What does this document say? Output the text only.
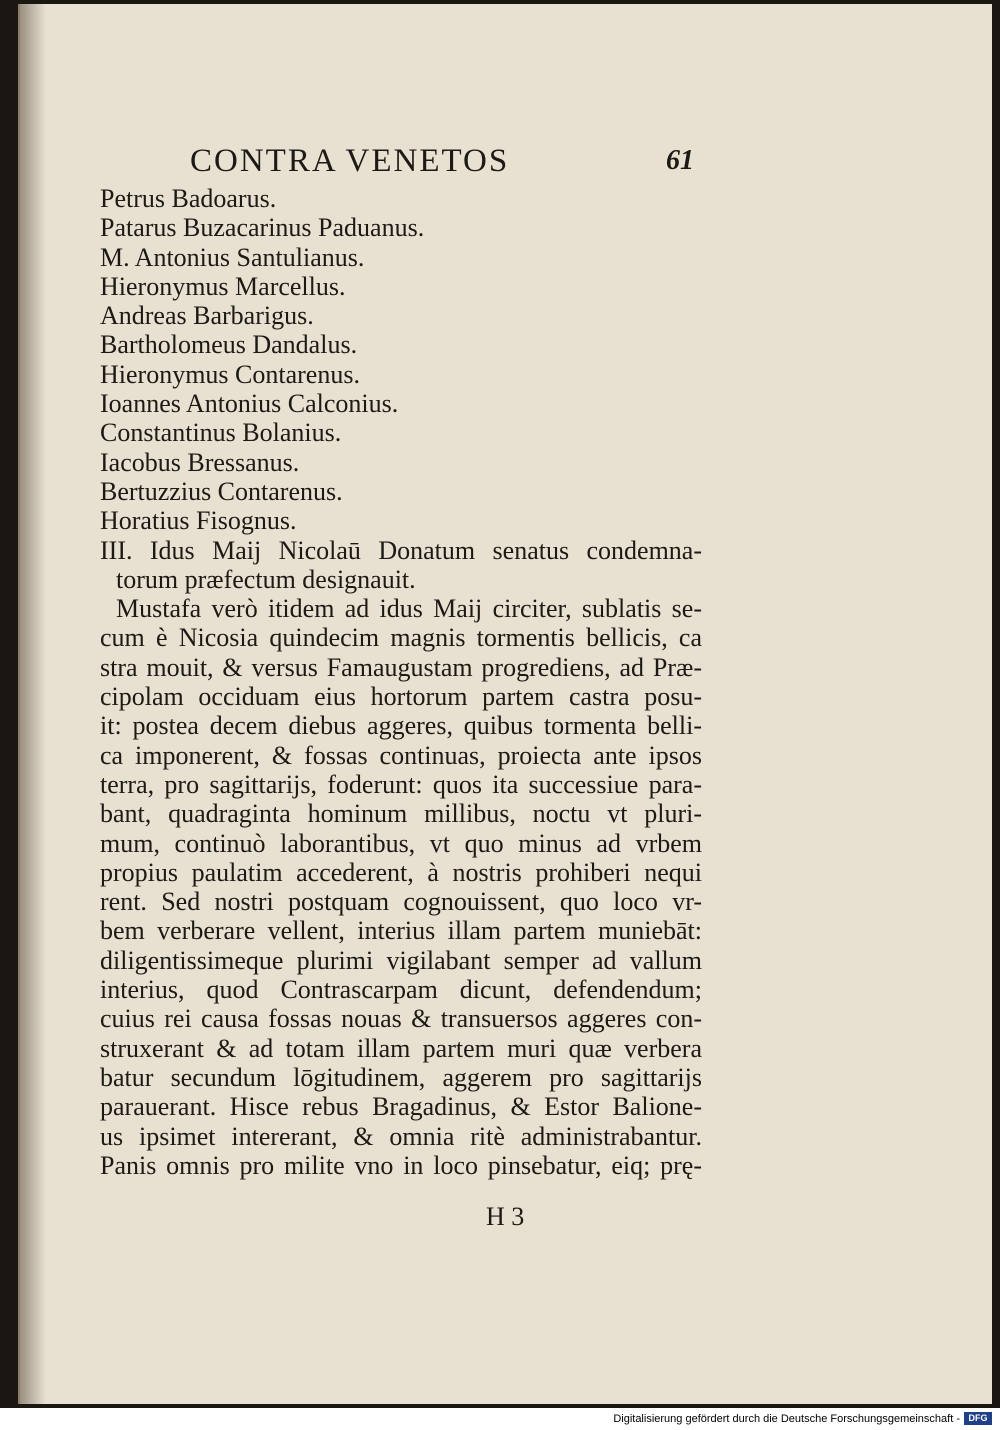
CONTRA VENETOS	61
Petrus Badoarus.
Patarus Buzacarinus Paduanus.
M. Antonius Santulianus.
Hieronymus Marcellus.
Andreas Barbarigus.
Bartholomeus Dandalus.
Hieronymus Contarenus.
Ioannes Antonius Calconius.
Constantinus Bolanius.
Iacobus Bressanus.
Bertuzzius Contarenus.
Horatius Fisognus.
III. Idus Maij Nicolaū Donatum senatus condemna-
torum præfectum designauit.
Mustafa verò itidem ad idus Maij circiter, sublatis se-
cum è Nicosia quindecim magnis tormentis bellicis, ca
stra mouit, & versus Famaugustam progrediens, ad Præ-
cipolam occiduam eius hortorum partem castra posu-
it: postea decem diebus aggeres, quibus tormenta belli-
ca imponerent, & fossas continuas, proiecta ante ipsos
terra, pro sagittarijs, foderunt: quos ita successiue para-
bant, quadraginta hominum millibus, noctu vt pluri-
mum, continuò laborantibus, vt quo minus ad vrbem
propius paulatim accederent, à nostris prohiberi nequi
rent. Sed nostri postquam cognouissent, quo loco vr-
bem verberare vellent, interius illam partem muniebāt:
diligentissimeque plurimi vigilabant semper ad vallum
interius, quod Contrascarpam dicunt, defendendum;
cuius rei causa fossas nouas & transuersos aggeres con-
struxerant & ad totam illam partem muri quæ verbera
batur secundum lōgitudinem, aggerem pro sagittarijs
parauerant. Hisce rebus Bragadinus, & Estor Balione-
us ipsimet intererant, & omnia ritè administrabantur.
Panis omnis pro milite vno in loco pinsebatur, eiq; prę-
H 3
Digitalisierung gefördert durch die Deutsche Forschungsgemeinschaft - DFG
